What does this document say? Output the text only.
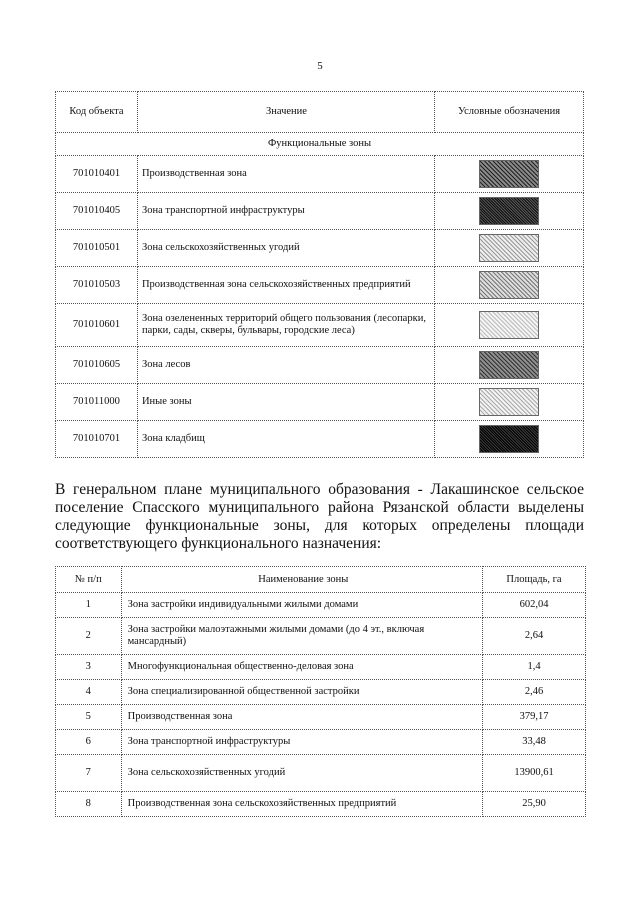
5
Код объекта	Значение	Условные обозначения
Функциональные зоны		
701010401	Производственная зона	

701010405	Зона транспортной инфраструктуры	

701010501	Зона сельскохозяйственных угодий	

701010503	Производственная зона сельскохозяйственных предприятий	

701010601	Зона озелененных территорий общего пользования (лесопарки, парки, сады, скверы, бульвары, городские леса)	

701010605	Зона лесов	

701011000	Иные зоны	

701010701	Зона кладбищ	

В генеральном плане муниципального образования - Лакашинское сельское поселение Спасского муниципального района Рязанской области выделены следующие функциональные зоны, для которых определены площади соответствующего функционального назначения:

№ п/п	Наименование зоны	Площадь, га
1	Зона застройки индивидуальными жилыми домами	602,04
2	Зона застройки малоэтажными жилыми домами (до 4 эт., включая мансардный)	2,64
3	Многофункциональная общественно-деловая зона	1,4
4	Зона специализированной общественной застройки	2,46
5	Производственная зона	379,17
6	Зона транспортной инфраструктуры	33,48
7	Зона сельскохозяйственных угодий	13900,61
8	Производственная зона сельскохозяйственных предприятий	25,90
